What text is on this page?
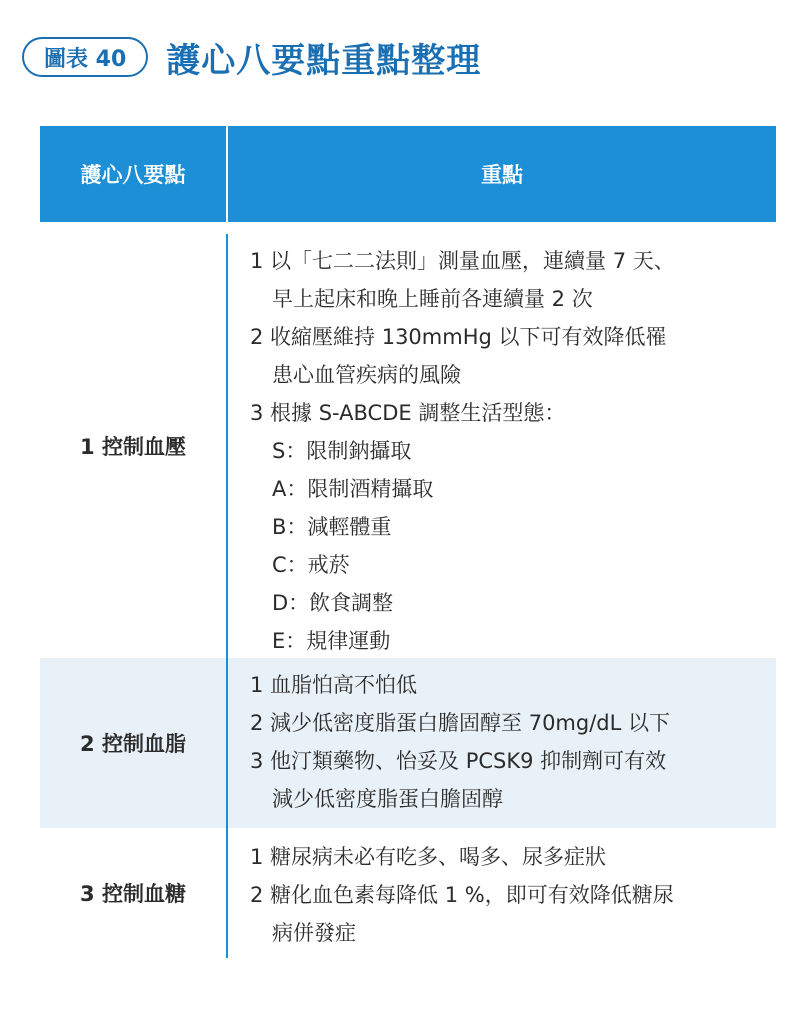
圖表 40	護心八要點重點整理
護心八要點	重點
1 控制血壓
1 以「七二二法則」測量血壓，連續量 7 天、
早上起床和晚上睡前各連續量 2 次
2 收縮壓維持 130mmHg 以下可有效降低罹
患心血管疾病的風險
3 根據 S-ABCDE 調整生活型態：
S：限制鈉攝取
A：限制酒精攝取
B：減輕體重
C：戒菸
D：飲食調整
E：規律運動
2 控制血脂
1 血脂怕高不怕低
2 減少低密度脂蛋白膽固醇至 70mg/dL 以下
3 他汀類藥物、怡妥及 PCSK9 抑制劑可有效
減少低密度脂蛋白膽固醇
3 控制血糖
1 糖尿病未必有吃多、喝多、尿多症狀
2 糖化血色素每降低 1 %，即可有效降低糖尿
病併發症
